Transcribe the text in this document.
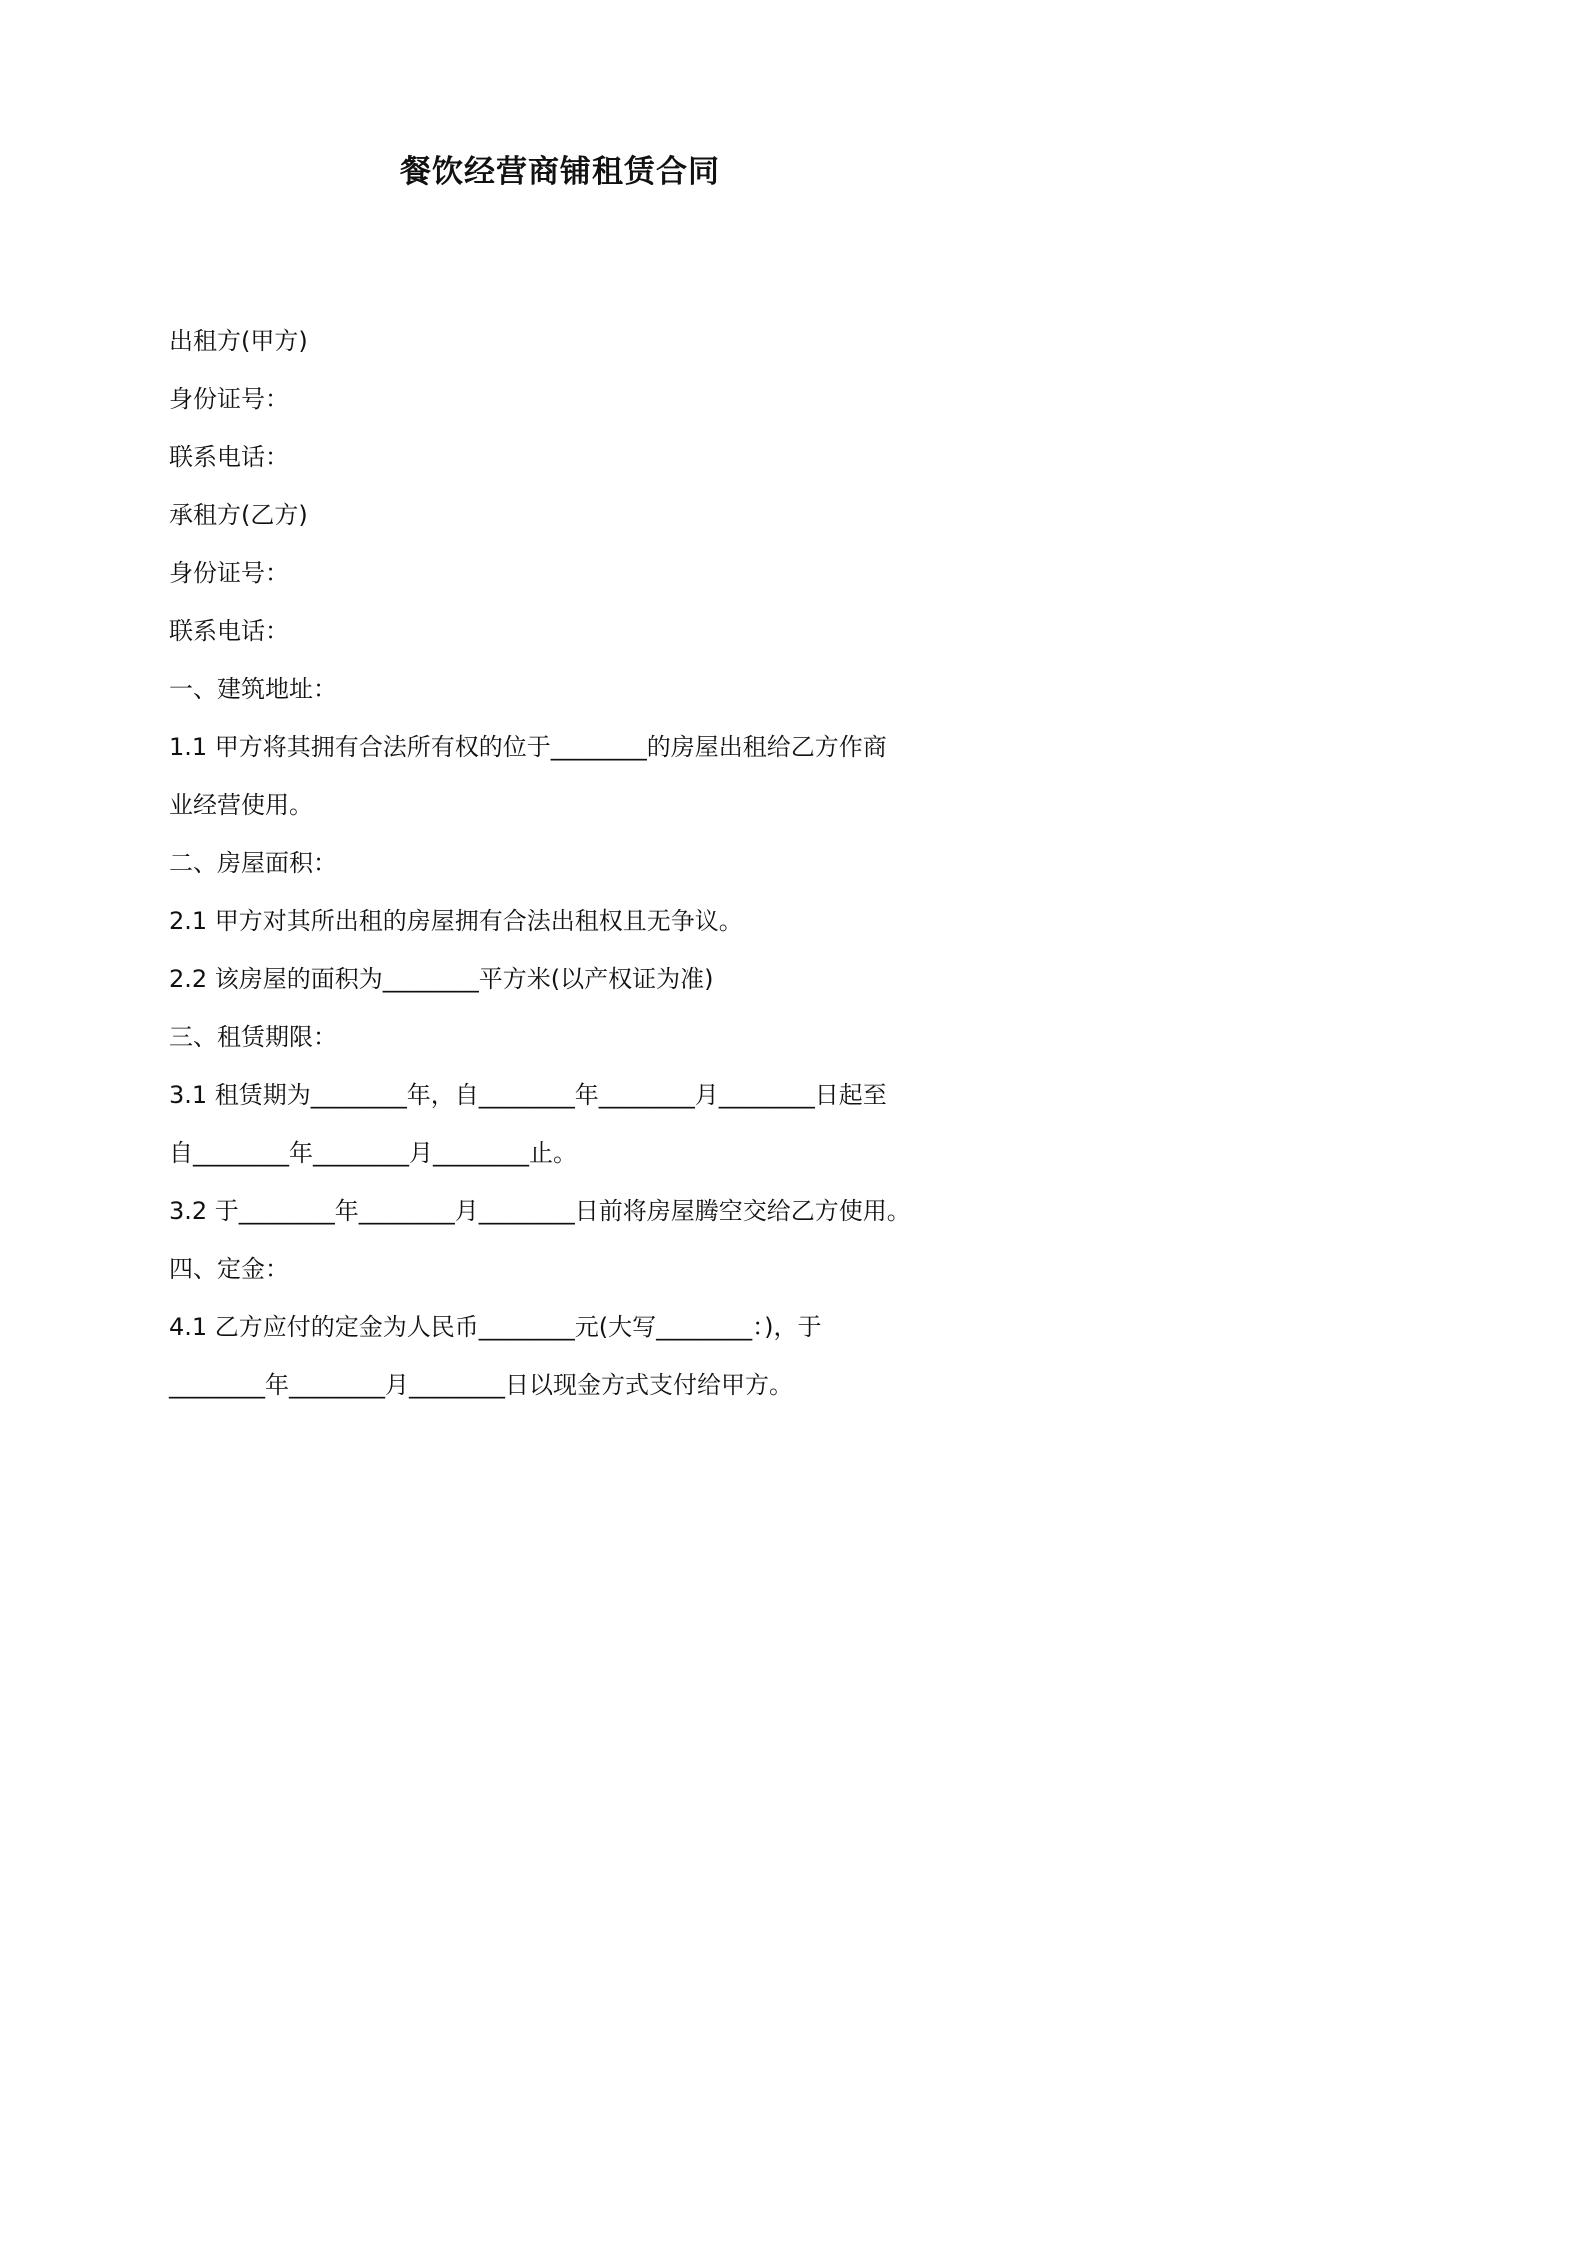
餐饮经营商铺租赁合同
出租方(甲方)
身份证号：
联系电话：
承租方(乙方)
身份证号：
联系电话：
一、建筑地址：
1.1 甲方将其拥有合法所有权的位于________的房屋出租给乙方作商
业经营使用。
二、房屋面积：
2.1 甲方对其所出租的房屋拥有合法出租权且无争议。
2.2 该房屋的面积为________平方米(以产权证为准)
三、租赁期限：
3.1 租赁期为________年，自________年________月________日起至
自________年________月________止。
3.2 于________年________月________日前将房屋腾空交给乙方使用。
四、定金：
4.1 乙方应付的定金为人民币________元(大写________：)，于
________年________月________日以现金方式支付给甲方。
